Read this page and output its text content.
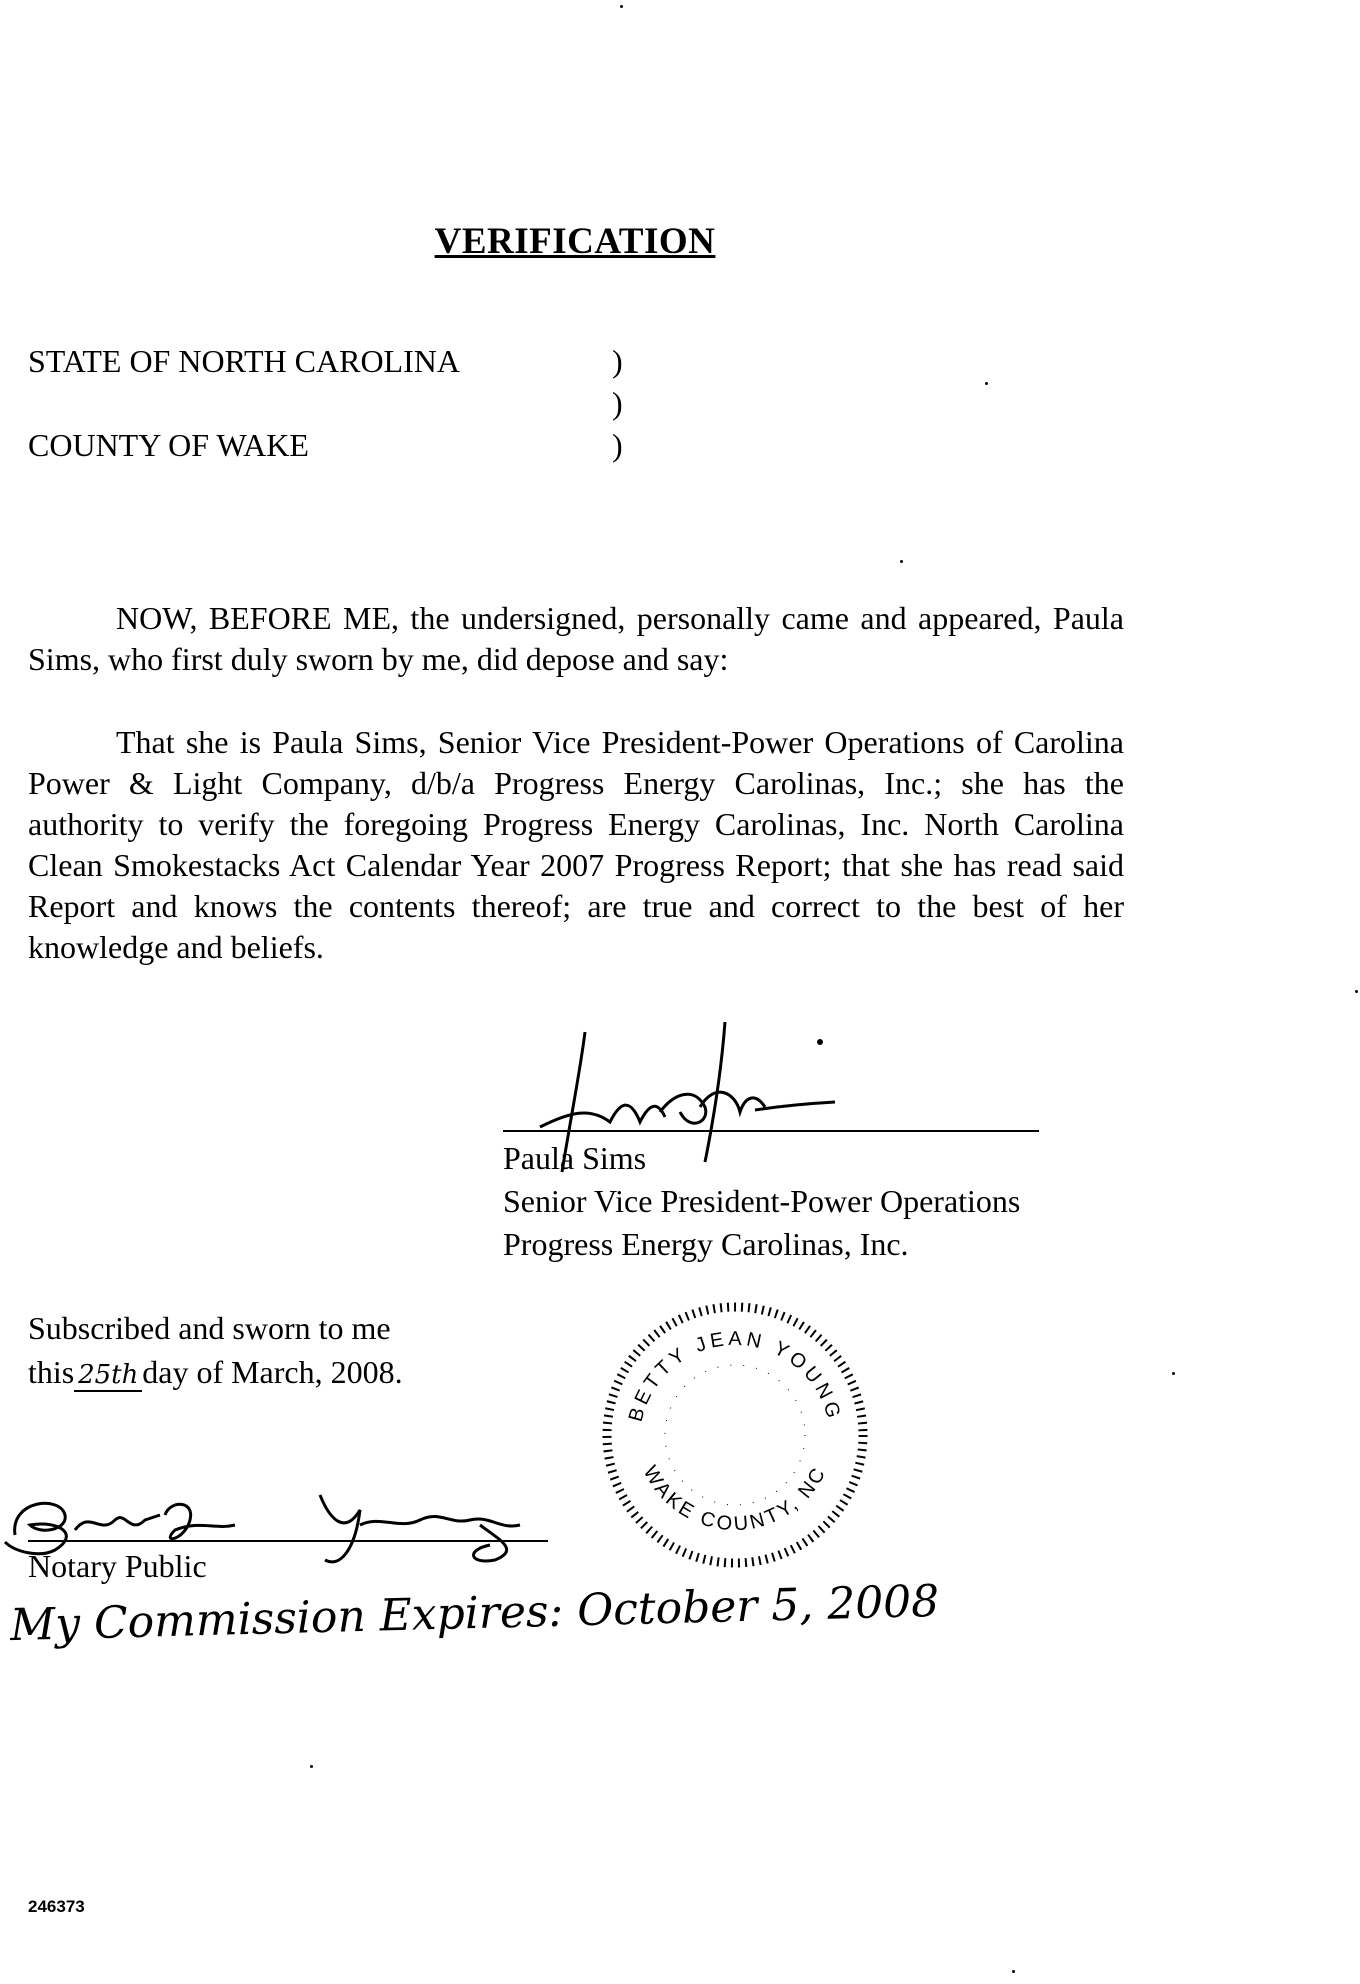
VERIFICATION
STATE OF NORTH CAROLINA
COUNTY OF WAKE
)
)
)
NOW, BEFORE ME, the undersigned, personally came and appeared, Paula Sims, who first duly sworn by me, did depose and say:
That she is Paula Sims, Senior Vice President-Power Operations of Carolina Power & Light Company, d/b/a Progress Energy Carolinas, Inc.; she has the authority to verify the foregoing Progress Energy Carolinas, Inc. North Carolina Clean Smokestacks Act Calendar Year 2007 Progress Report; that she has read said Report and knows the contents thereof; are true and correct to the best of her knowledge and beliefs.
Paula Sims
Senior Vice President-Power Operations
Progress Energy Carolinas, Inc.
Subscribed and sworn to me
this 25th day of March, 2008.
BETTY JEAN YOUNG
WAKE COUNTY, NC
Notary Public
My Commission Expires: October 5, 2008
246373
